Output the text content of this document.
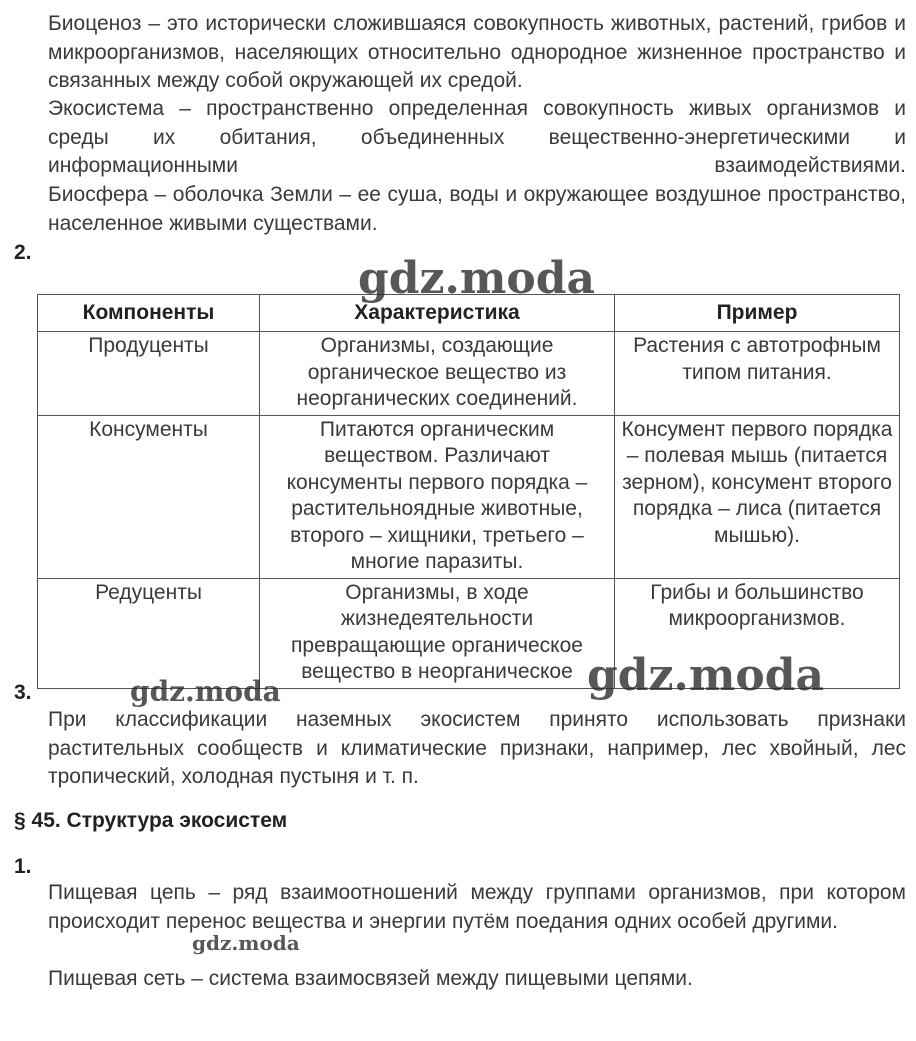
Биоценоз – это исторически сложившаяся совокупность животных, растений, грибов и микроорганизмов, населяющих относительно однородное жизненное пространство и связанных между собой окружающей их средой.

Экосистема – пространственно определенная совокупность живых организмов и среды их обитания, объединенных вещественно-энергетическими и информационными взаимодействиями.

Биосфера – оболочка Земли – ее суша, воды и окружающее воздушное пространство, населенное живыми существами.

2.
Компоненты	Характеристика	Пример
Продуценты	Организмы, создающие органическое вещество из неорганических соединений.	Растения с автотрофным типом питания.
Консументы	Питаются органическим веществом. Различают консументы первого порядка – растительноядные животные, второго – хищники, третьего – многие паразиты.	Консумент первого порядка – полевая мышь (питается зерном), консумент второго порядка – лиса (питается мышью).
Редуценты	Организмы, в ходе жизнедеятельности превращающие органическое вещество в неорганическое	Грибы и большинство микроорганизмов.
3.

При классификации наземных экосистем принято использовать признаки растительных сообществ и климатические признаки, например, лес хвойный, лес тропический, холодная пустыня и т. п.

§ 45. Структура экосистем
1.

Пищевая цепь – ряд взаимоотношений между группами организмов, при котором происходит перенос вещества и энергии путём поедания одних особей другими.

Пищевая сеть – система взаимосвязей между пищевыми цепями.

gdz.moda
gdz.moda	gdz.moda
gdz.moda
